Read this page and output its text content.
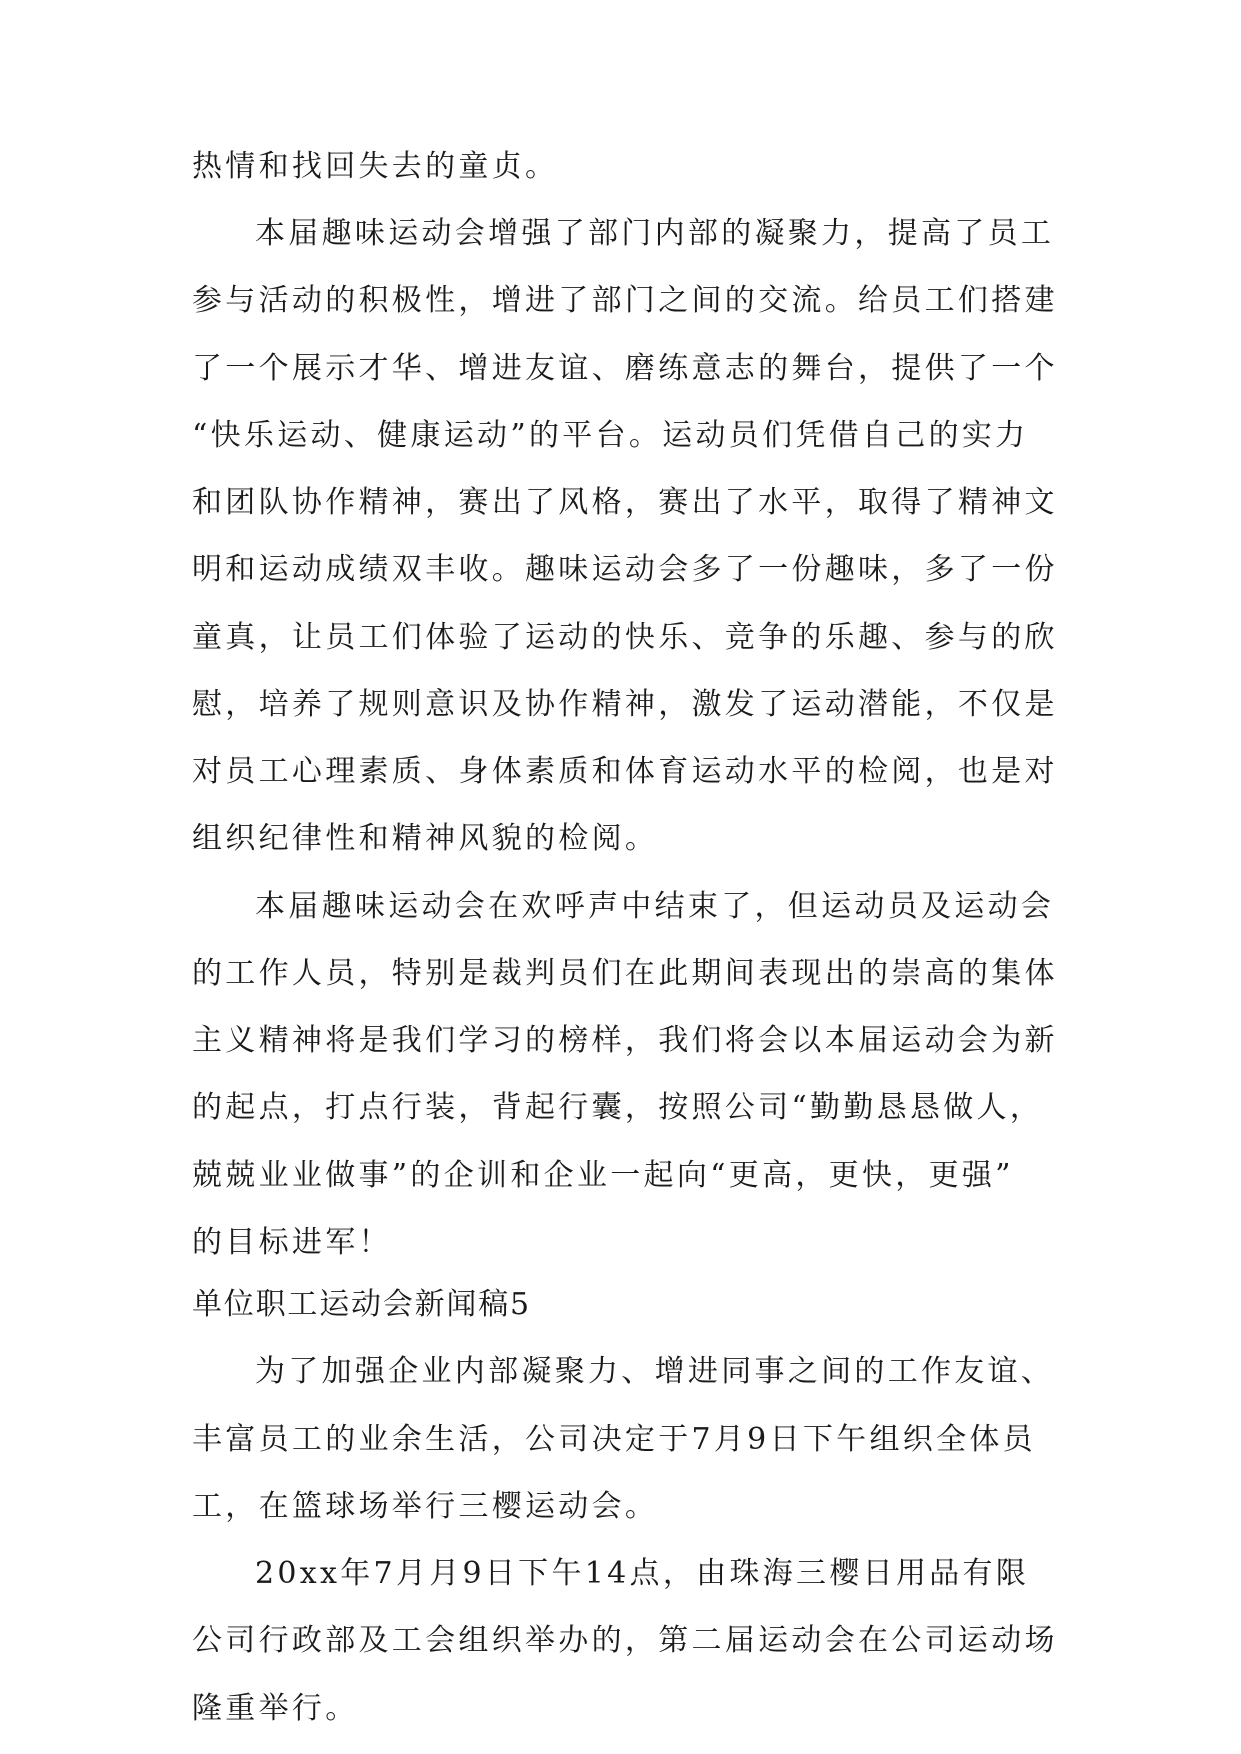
热情和找回失去的童贞。

本届趣味运动会增强了部门内部的凝聚力，提高了员工

参与活动的积极性，增进了部门之间的交流。给员工们搭建

了一个展示才华、增进友谊、磨练意志的舞台，提供了一个

“快乐运动、健康运动”的平台。运动员们凭借自己的实力

和团队协作精神，赛出了风格，赛出了水平，取得了精神文

明和运动成绩双丰收。趣味运动会多了一份趣味，多了一份

童真，让员工们体验了运动的快乐、竞争的乐趣、参与的欣

慰，培养了规则意识及协作精神，激发了运动潜能，不仅是

对员工心理素质、身体素质和体育运动水平的检阅，也是对

组织纪律性和精神风貌的检阅。

本届趣味运动会在欢呼声中结束了，但运动员及运动会

的工作人员，特别是裁判员们在此期间表现出的崇高的集体

主义精神将是我们学习的榜样，我们将会以本届运动会为新

的起点，打点行装，背起行囊，按照公司“勤勤恳恳做人，

兢兢业业做事”的企训和企业一起向“更高，更快，更强”

的目标进军！

单位职工运动会新闻稿5

为了加强企业内部凝聚力、增进同事之间的工作友谊、

丰富员工的业余生活，公司决定于7月9日下午组织全体员

工，在篮球场举行三樱运动会。

20xx年7月月9日下午14点，由珠海三樱日用品有限

公司行政部及工会组织举办的，第二届运动会在公司运动场

隆重举行。
